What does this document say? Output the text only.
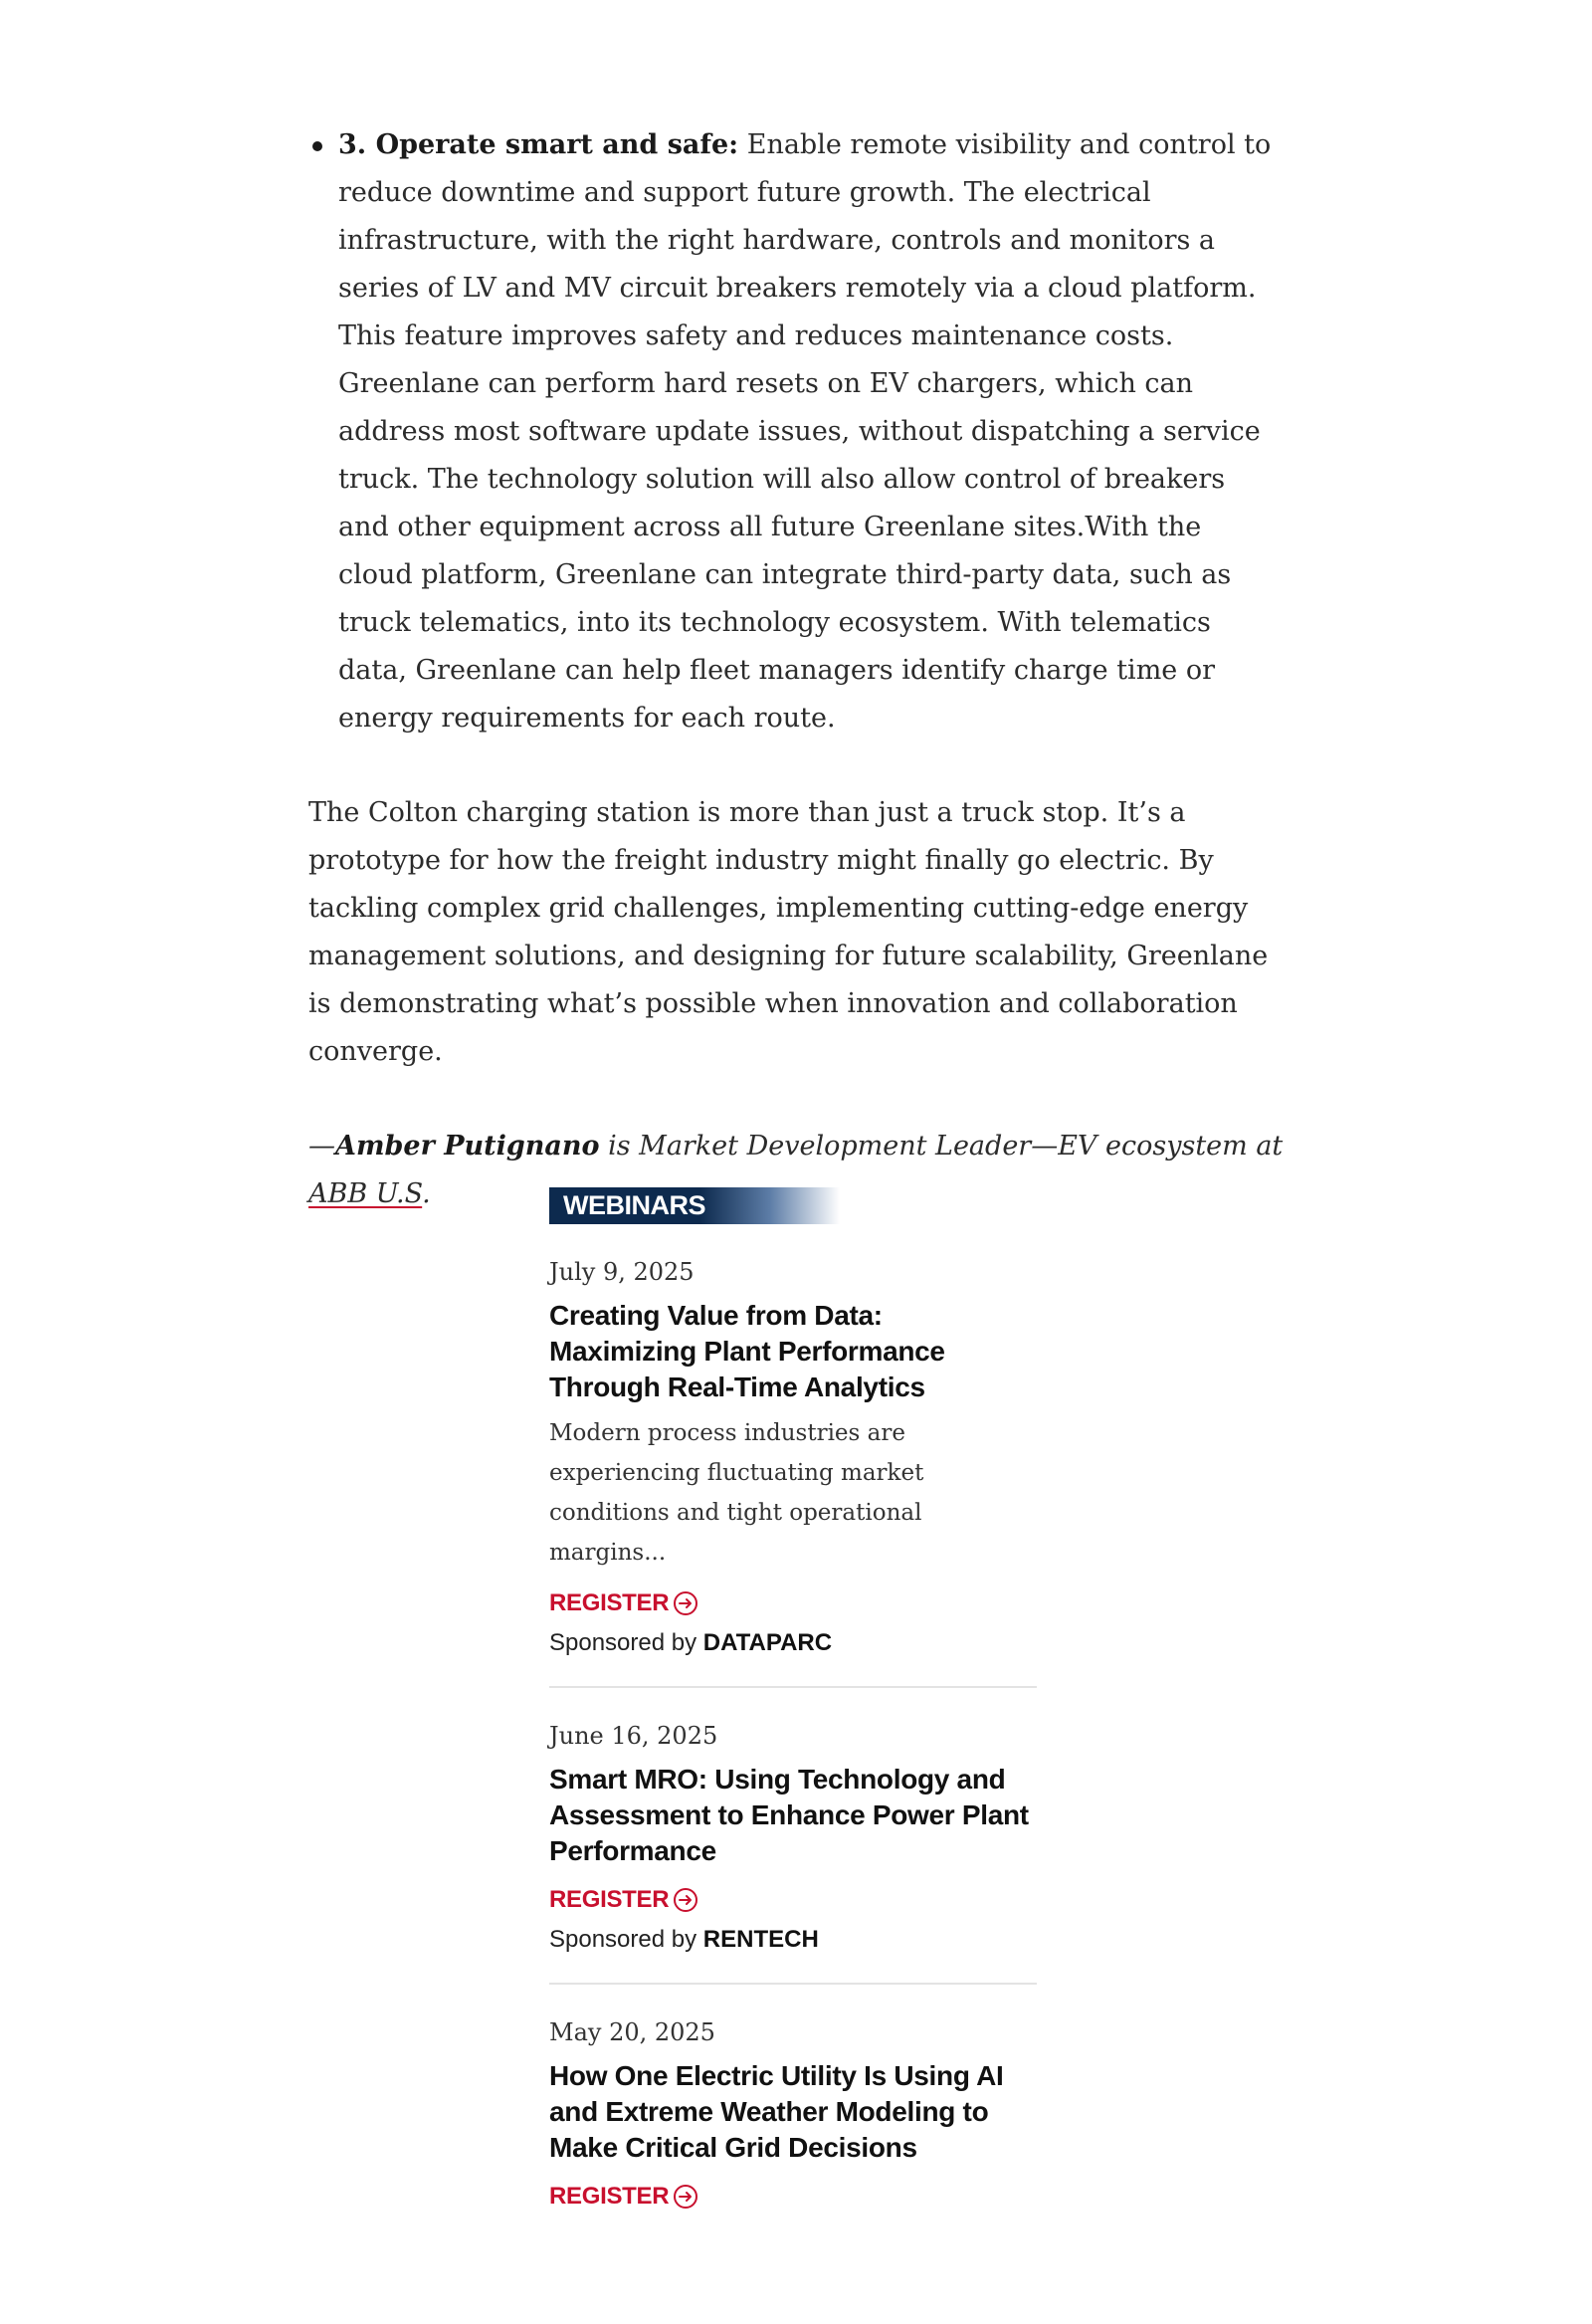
3. Operate smart and safe: Enable remote visibility and control to reduce downtime and support future growth. The electrical infrastructure, with the right hardware, controls and monitors a series of LV and MV circuit breakers remotely via a cloud platform. This feature improves safety and reduces maintenance costs. Greenlane can perform hard resets on EV chargers, which can address most software update issues, without dispatching a service truck. The technology solution will also allow control of breakers and other equipment across all future Greenlane sites.With the cloud platform, Greenlane can integrate third-party data, such as truck telematics, into its technology ecosystem. With telematics data, Greenlane can help fleet managers identify charge time or energy requirements for each route.

The Colton charging station is more than just a truck stop. It’s a prototype for how the freight industry might finally go electric. By tackling complex grid challenges, implementing cutting-edge energy management solutions, and designing for future scalability, Greenlane is demonstrating what’s possible when innovation and collaboration converge.

—Amber Putignano is Market Development Leader—EV ecosystem at ABB U.S.	WEBINARS
July 9, 2025
Creating Value from Data: Maximizing Plant Performance Through Real-Time Analytics
Modern process industries are experiencing fluctuating market conditions and tight operational margins...
REGISTER
Sponsored by DATAPARC
June 16, 2025
Smart MRO: Using Technology and Assessment to Enhance Power Plant Performance
REGISTER
Sponsored by RENTECH
May 20, 2025
How One Electric Utility Is Using AI and Extreme Weather Modeling to Make Critical Grid Decisions
REGISTER
